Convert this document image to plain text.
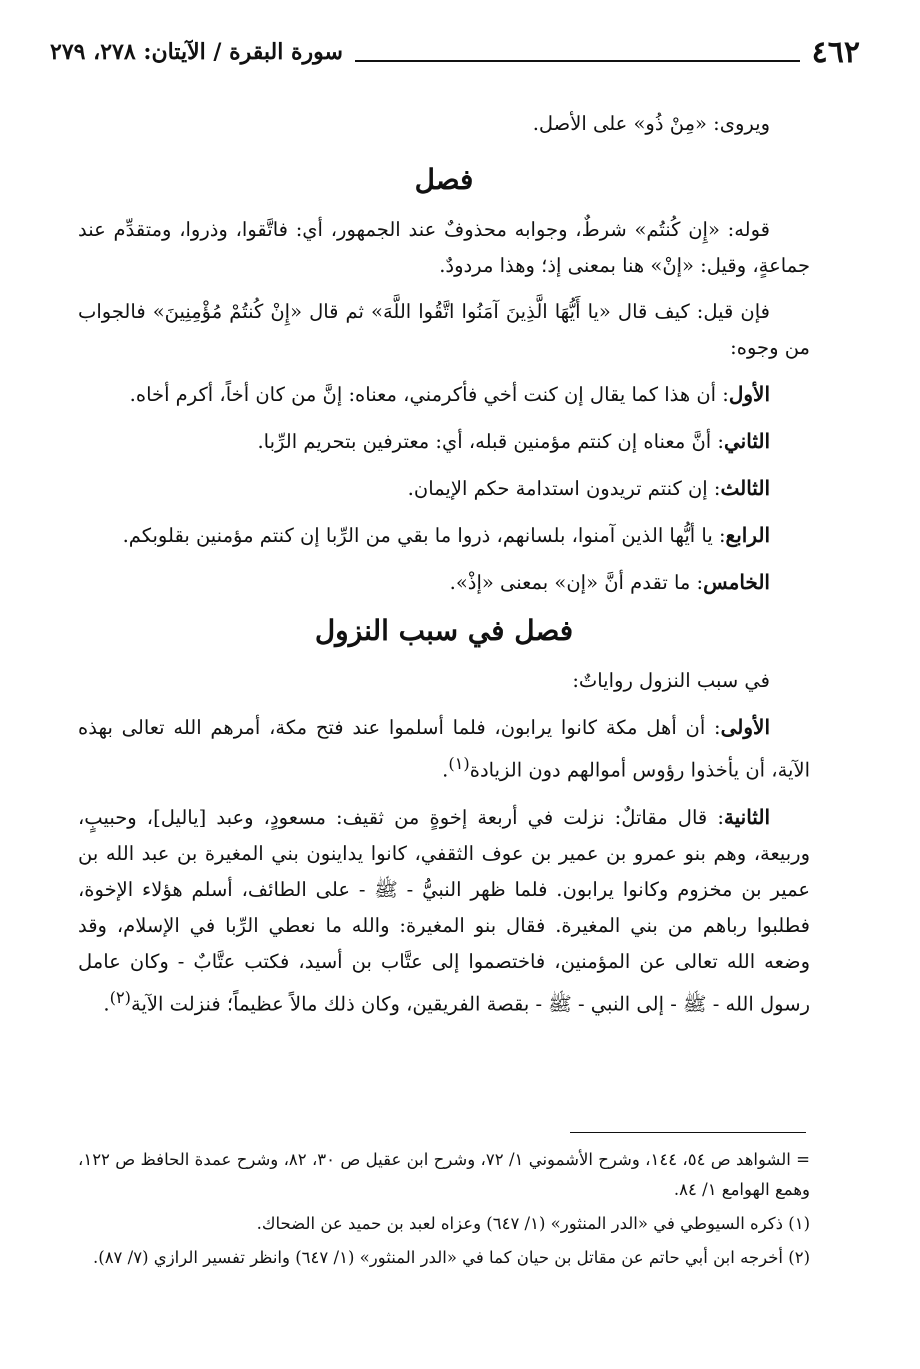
سورة البقرة / الآيتان: ٢٧٨، ٢٧٩	٤٦٢

ويروى: «مِنْ ذُو» على الأصل.

فصل

قوله: «إِن كُنتُم» شرطٌ، وجوابه محذوفٌ عند الجمهور، أي: فاتَّقوا، وذروا، ومتقدِّم عند جماعةٍ، وقيل: «إنْ» هنا بمعنى إذ؛ وهذا مردودٌ.

فإن قيل: كيف قال «يا أَيُّهَا الَّذِينَ آمَنُوا اتَّقُوا اللَّهَ» ثم قال «إِنْ كُنتُمْ مُؤْمِنِينَ» فالجواب من وجوه:

الأول: أن هذا كما يقال إن كنت أخي فأكرمني، معناه: إنَّ من كان أخاً، أكرم أخاه.

الثاني: أنَّ معناه إن كنتم مؤمنين قبله، أي: معترفين بتحريم الرِّبا.

الثالث: إن كنتم تريدون استدامة حكم الإيمان.

الرابع: يا أيُّها الذين آمنوا، بلسانهم، ذروا ما بقي من الرِّبا إن كنتم مؤمنين بقلوبكم.

الخامس: ما تقدم أنَّ «إن» بمعنى «إذْ».

فصل في سبب النزول

في سبب النزول رواياتٌ:

الأولى: أن أهل مكة كانوا يرابون، فلما أسلموا عند فتح مكة، أمرهم الله تعالى بهذه الآية، أن يأخذوا رؤوس أموالهم دون الزيادة$^{(١)}$.

الثانية: قال مقاتلٌ: نزلت في أربعة إخوةٍ من ثقيف: مسعودٍ، وعبد [ياليل]، وحبيبٍ، وربيعة، وهم بنو عمرو بن عمير بن عوف الثقفي، كانوا يداينون بني المغيرة بن عبد الله بن عمير بن مخزوم وكانوا يرابون. فلما ظهر النبيُّ - ﷺ - على الطائف، أسلم هؤلاء الإخوة، فطلبوا رباهم من بني المغيرة. فقال بنو المغيرة: والله ما نعطي الرِّبا في الإسلام، وقد وضعه الله تعالى عن المؤمنين، فاختصموا إلى عتَّاب بن أسيد، فكتب عتَّابٌ - وكان عامل رسول الله - ﷺ - إلى النبي - ﷺ - بقصة الفريقين، وكان ذلك مالاً عظيماً؛ فنزلت الآية$^{(٢)}$.

= الشواهد ص ٥٤، ١٤٤، وشرح الأشموني ١/ ٧٢، وشرح ابن عقيل ص ٣٠، ٨٢، وشرح عمدة الحافظ ص ١٢٢، وهمع الهوامع ١/ ٨٤.

(١) ذكره السيوطي في «الدر المنثور» (١/ ٦٤٧) وعزاه لعبد بن حميد عن الضحاك.

(٢) أخرجه ابن أبي حاتم عن مقاتل بن حيان كما في «الدر المنثور» (١/ ٦٤٧) وانظر تفسير الرازي (٧/ ٨٧).
